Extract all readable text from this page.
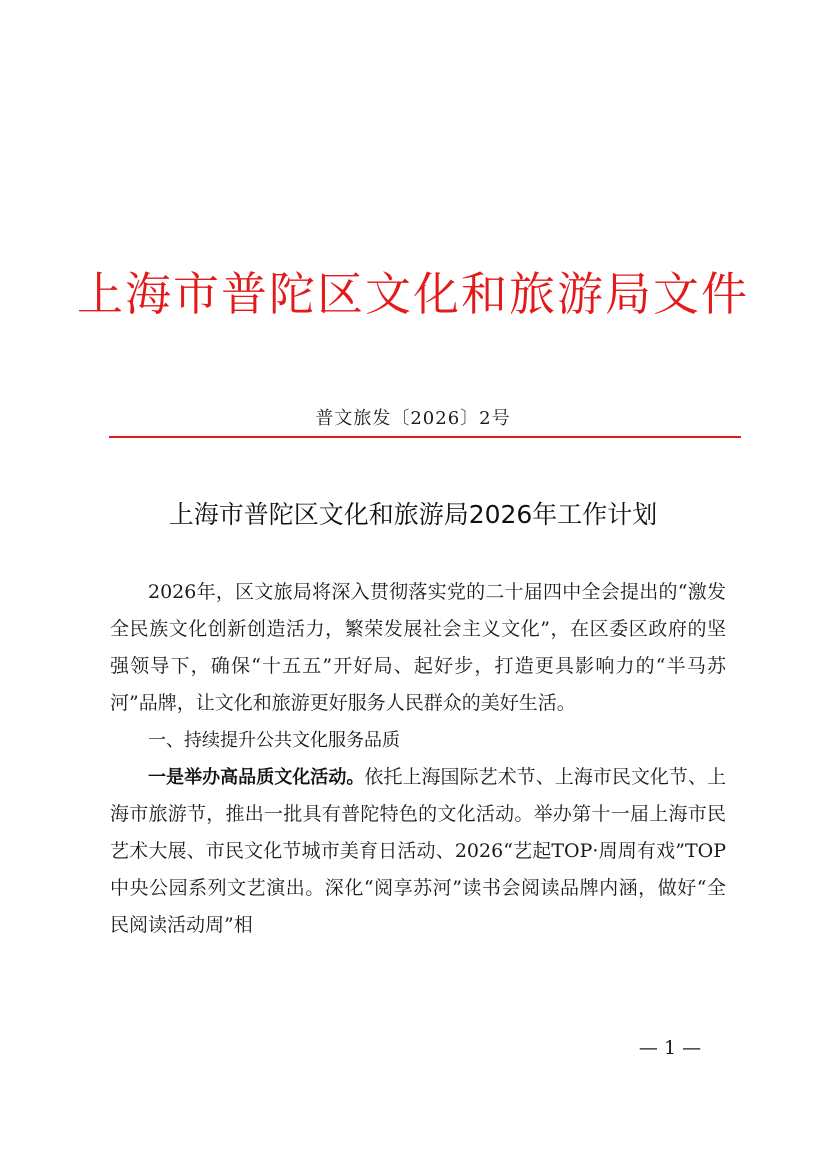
上海市普陀区文化和旅游局文件
普文旅发〔2026〕2号
上海市普陀区文化和旅游局2026年工作计划

2026年，区文旅局将深入贯彻落实党的二十届四中全会提出的“激发全民族文化创新创造活力，繁荣发展社会主义文化”，在区委区政府的坚强领导下，确保“十五五”开好局、起好步，打造更具影响力的“半马苏河”品牌，让文化和旅游更好服务人民群众的美好生活。

一、持续提升公共文化服务品质

一是举办高品质文化活动。依托上海国际艺术节、上海市民文化节、上海市旅游节，推出一批具有普陀特色的文化活动。举办第十一届上海市民艺术大展、市民文化节城市美育日活动、2026“艺起TOP·周周有戏”TOP中央公园系列文艺演出。深化“阅享苏河”读书会阅读品牌内涵，做好“全民阅读活动周”相

— 1 —
